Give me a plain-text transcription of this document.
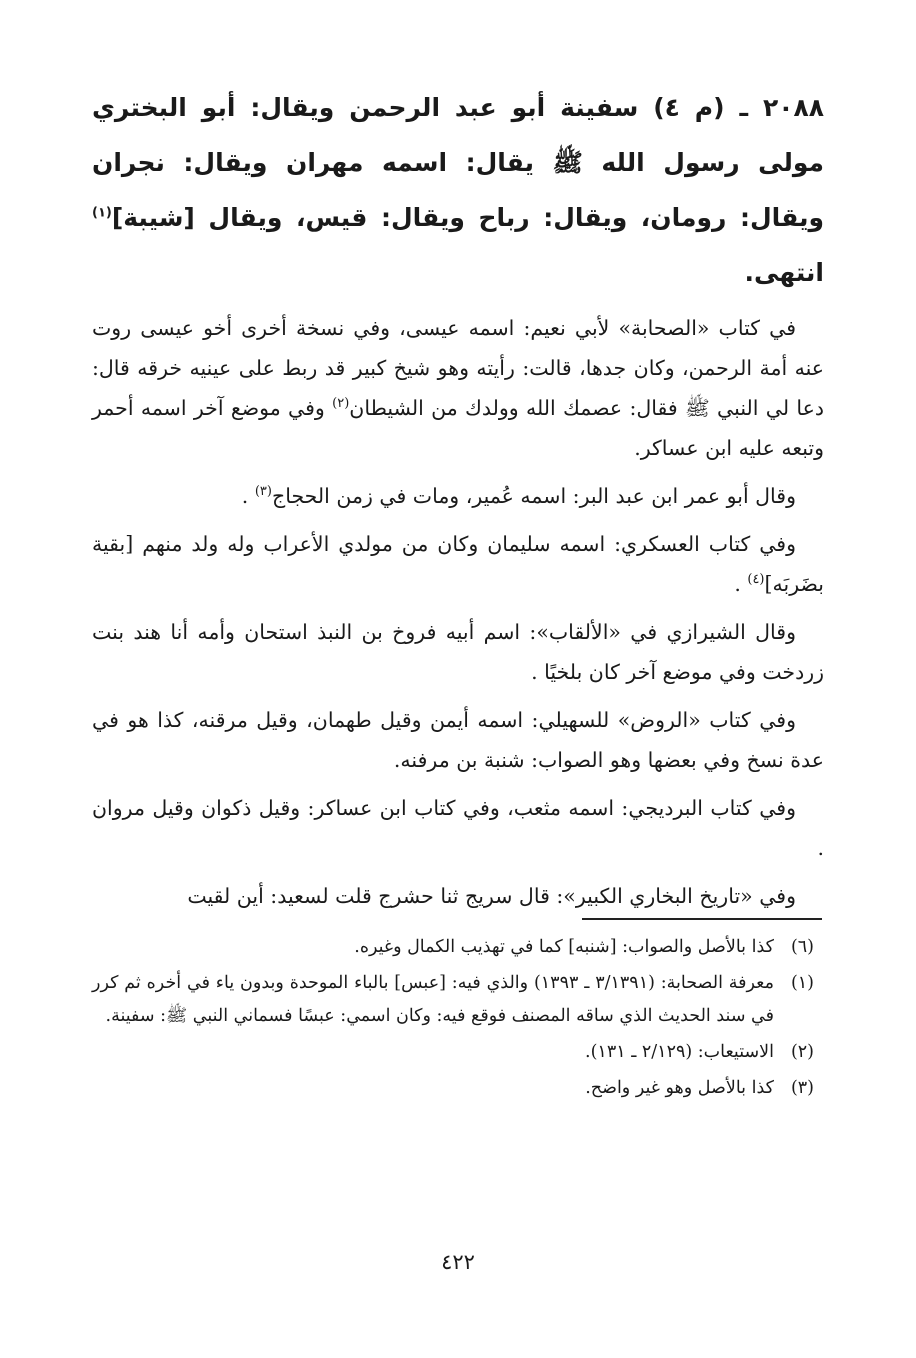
٢٠٨٨ ـ (م ٤) سفينة أبو عبد الرحمن ويقال: أبو البختري مولى رسول الله ﷺ يقال: اسمه مهران ويقال: نجران ويقال: رومان، ويقال: رباح ويقال: قيس، ويقال [شيبة]$^{(١)}$ انتهى.

في كتاب «الصحابة» لأبي نعيم: اسمه عيسى، وفي نسخة أخرى أخو عيسى روت عنه أمة الرحمن، وكان جدها، قالت: رأيته وهو شيخ كبير قد ربط على عينيه خرقه قال: دعا لي النبي ﷺ فقال: عصمك الله وولدك من الشيطان$^{(٢)}$ وفي موضع آخر اسمه أحمر وتبعه عليه ابن عساكر.

وقال أبو عمر ابن عبد البر: اسمه عُمير، ومات في زمن الحجاج$^{(٣)}$ .

وفي كتاب العسكري: اسمه سليمان وكان من مولدي الأعراب وله ولد منهم [بقية بضَربَه]$^{(٤)}$ .

وقال الشيرازي في «الألقاب»: اسم أبيه فروخ بن النبذ استحان وأمه أنا هند بنت زردخت وفي موضع آخر كان بلخيًا .

وفي كتاب «الروض» للسهيلي: اسمه أيمن وقيل طهمان، وقيل مرقنه، كذا هو في عدة نسخ وفي بعضها وهو الصواب: شنبة بن مرفنه.

وفي كتاب البرديجي: اسمه مثعب، وفي كتاب ابن عساكر: وقيل ذكوان وقيل مروان .

وفي «تاريخ البخاري الكبير»: قال سريج ثنا حشرج قلت لسعيد: أين لقيت

(٦)
كذا بالأصل والصواب: [شنبه] كما في تهذيب الكمال وغيره.
(١)
معرفة الصحابة: (٣/١٣٩١ ـ ١٣٩٣) والذي فيه: [عبس] بالباء الموحدة وبدون ياء في أخره ثم كرر في سند الحديث الذي ساقه المصنف فوقع فيه: وكان اسمي: عبسًا فسماني النبي ﷺ: سفينة.
(٢)
الاستيعاب: (٢/١٢٩ ـ ١٣١).
(٣)
كذا بالأصل وهو غير واضح.
٤٢٢
